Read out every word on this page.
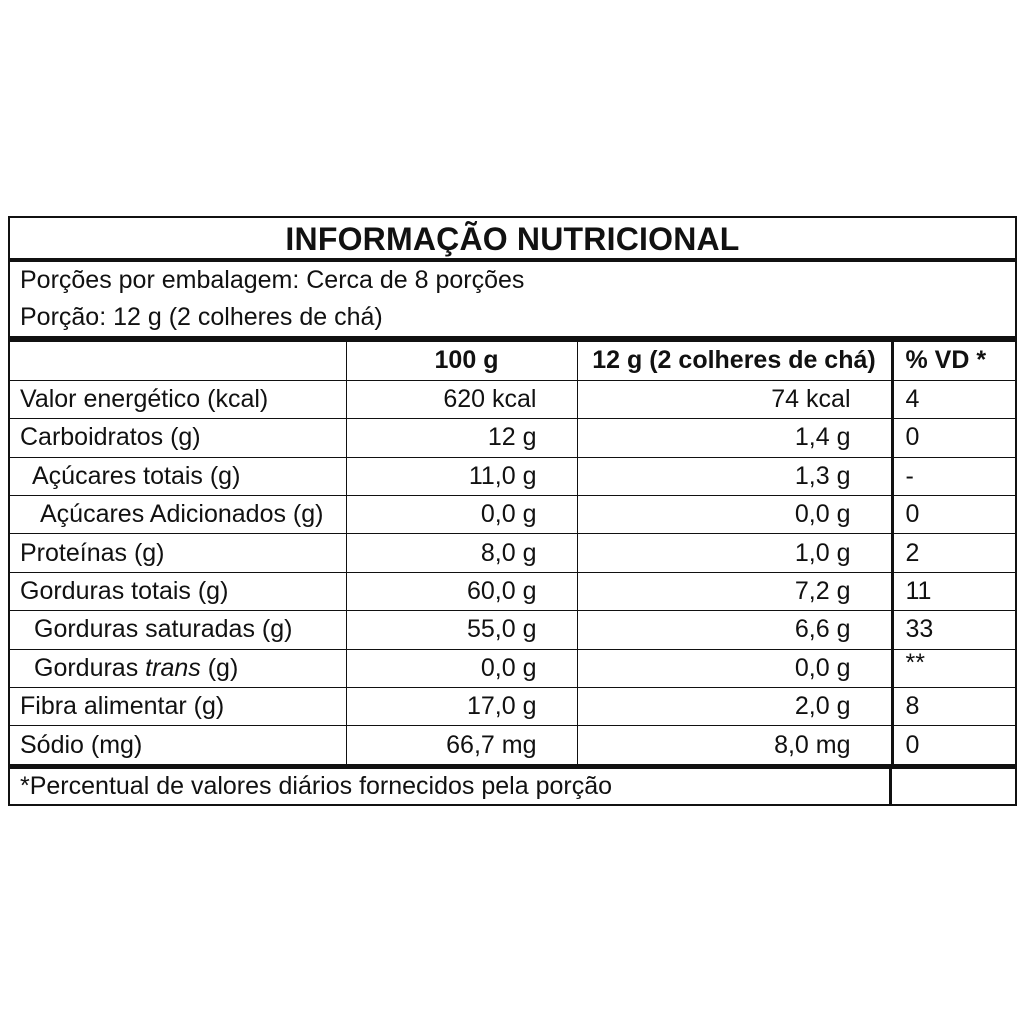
INFORMAÇÃO NUTRICIONAL
Porções por embalagem: Cerca de 8 porções
Porção: 12 g (2 colheres de chá)
	100 g	12 g (2 colheres de chá)	% VD *
Valor energético (kcal)	620 kcal	74 kcal	4
Carboidratos (g)	12 g	1,4 g	0
Açúcares totais (g)	11,0 g	1,3 g	-
Açúcares Adicionados (g)	0,0 g	0,0 g	0
Proteínas (g)	8,0 g	1,0 g	2
Gorduras totais (g)	60,0 g	7,2 g	11
Gorduras saturadas (g)	55,0 g	6,6 g	33
Gorduras trans (g)	0,0 g	0,0 g	**
Fibra alimentar (g)	17,0 g	2,0 g	8
Sódio (mg)	66,7 mg	8,0 mg	0
*Percentual de valores diários fornecidos pela porção
